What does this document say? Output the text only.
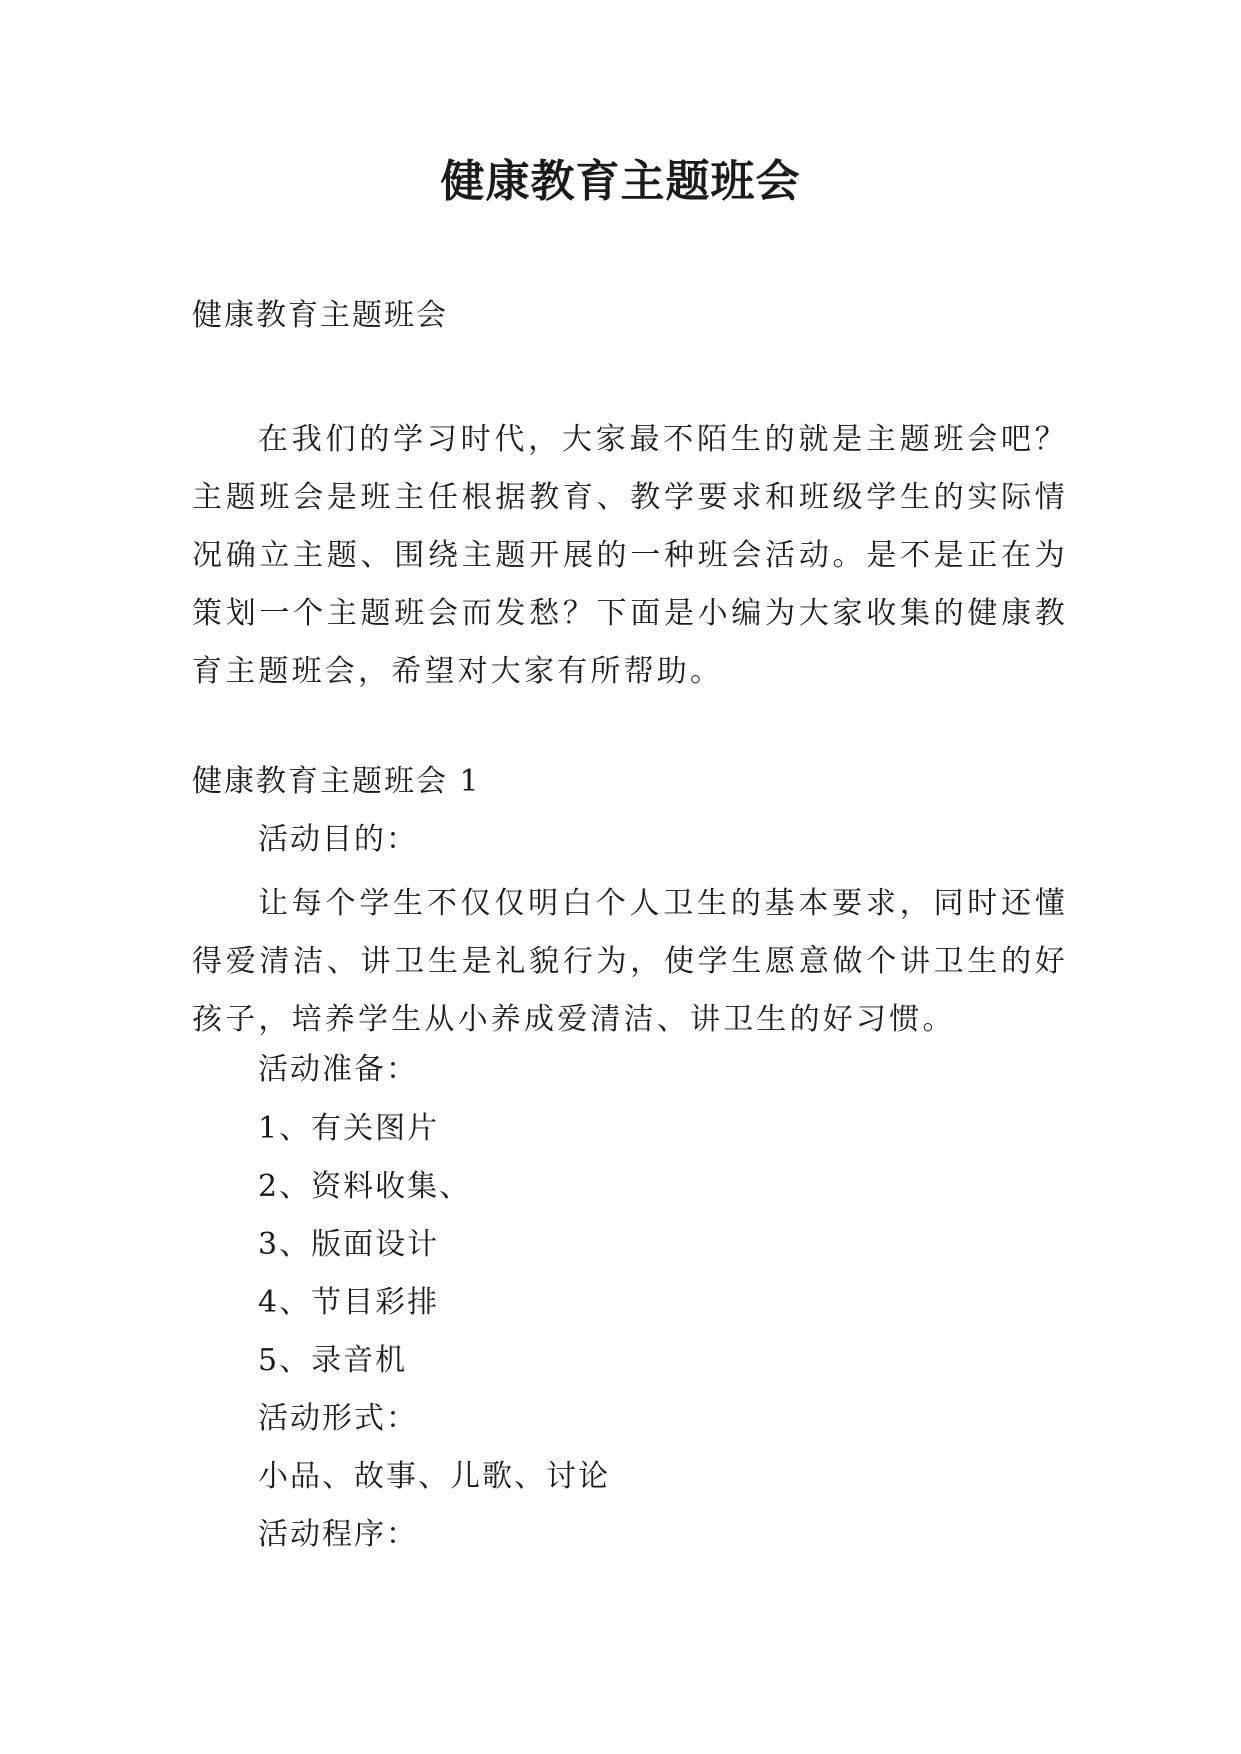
健康教育主题班会
健康教育主题班会
在我们的学习时代，大家最不陌生的就是主题班会吧？主题班会是班主任根据教育、教学要求和班级学生的实际情况确立主题、围绕主题开展的一种班会活动。是不是正在为策划一个主题班会而发愁？下面是小编为大家收集的健康教育主题班会，希望对大家有所帮助。
健康教育主题班会 1
活动目的：
让每个学生不仅仅明白个人卫生的基本要求，同时还懂得爱清洁、讲卫生是礼貌行为，使学生愿意做个讲卫生的好孩子，培养学生从小养成爱清洁、讲卫生的好习惯。
活动准备：
1、有关图片
2、资料收集、
3、版面设计
4、节目彩排
5、录音机
活动形式：
小品、故事、儿歌、讨论
活动程序：
